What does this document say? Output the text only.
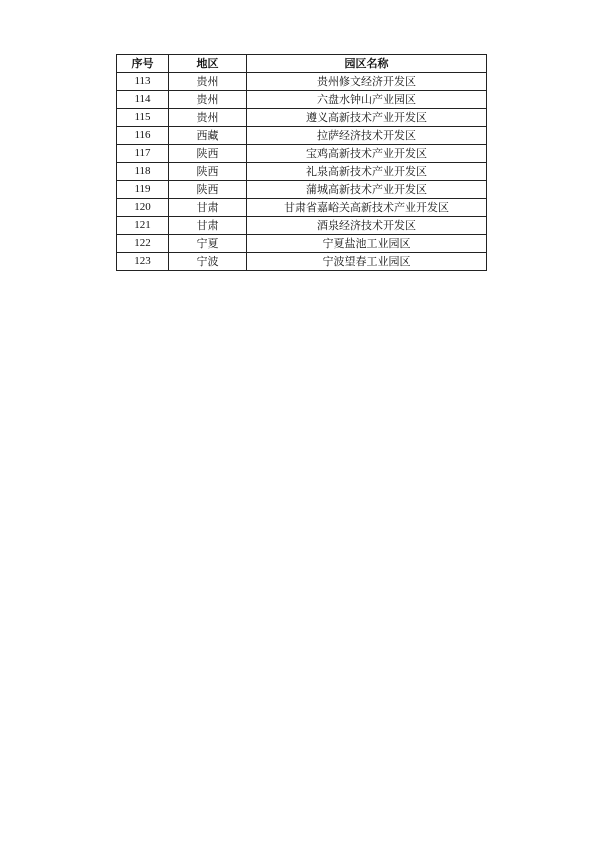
序号	地区	园区名称
113	贵州	贵州修文经济开发区
114	贵州	六盘水钟山产业园区
115	贵州	遵义高新技术产业开发区
116	西藏	拉萨经济技术开发区
117	陕西	宝鸡高新技术产业开发区
118	陕西	礼泉高新技术产业开发区
119	陕西	蒲城高新技术产业开发区
120	甘肃	甘肃省嘉峪关高新技术产业开发区
121	甘肃	酒泉经济技术开发区
122	宁夏	宁夏盐池工业园区
123	宁波	宁波望春工业园区
